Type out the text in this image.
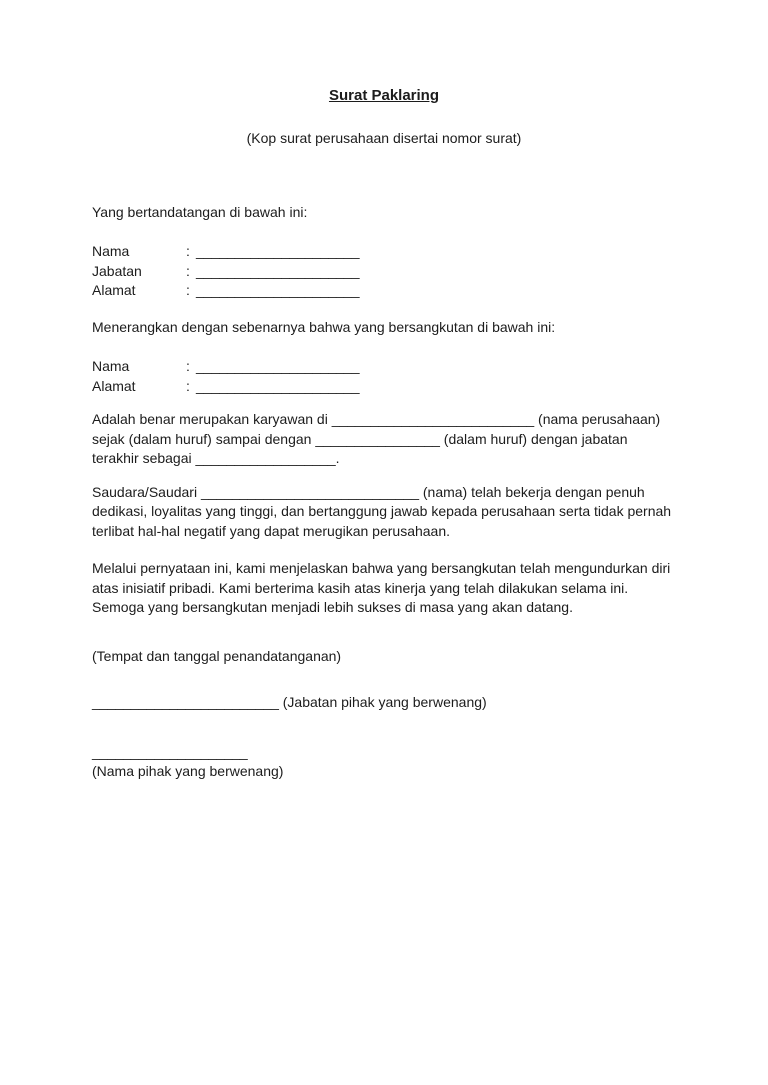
Surat Paklaring

(Kop surat perusahaan disertai nomor surat)

Yang bertandatangan di bawah ini:

Nama	: _____________________
Jabatan	: _____________________
Alamat	: _____________________

Menerangkan dengan sebenarnya bahwa yang bersangkutan di bawah ini:

Nama	: _____________________
Alamat	: _____________________

Adalah benar merupakan karyawan di __________________________ (nama perusahaan) sejak (dalam huruf) sampai dengan ________________ (dalam huruf) dengan jabatan terakhir sebagai __________________.

Saudara/Saudari ____________________________ (nama) telah bekerja dengan penuh dedikasi, loyalitas yang tinggi, dan bertanggung jawab kepada perusahaan serta tidak pernah terlibat hal-hal negatif yang dapat merugikan perusahaan.

Melalui pernyataan ini, kami menjelaskan bahwa yang bersangkutan telah mengundurkan diri atas inisiatif pribadi. Kami berterima kasih atas kinerja yang telah dilakukan selama ini. Semoga yang bersangkutan menjadi lebih sukses di masa yang akan datang.

(Tempat dan tanggal penandatanganan)

________________________ (Jabatan pihak yang berwenang)

____________________

(Nama pihak yang berwenang)
